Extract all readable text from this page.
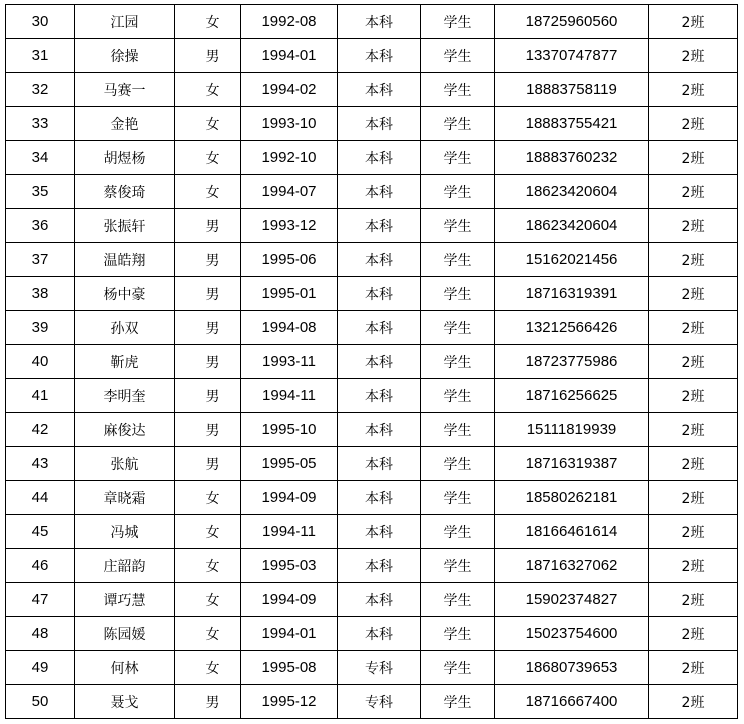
30	江园	女	1992-08	本科	学生	18725960560	2班
31	徐操	男	1994-01	本科	学生	13370747877	2班
32	马赛一	女	1994-02	本科	学生	18883758119	2班
33	金艳	女	1993-10	本科	学生	18883755421	2班
34	胡煜杨	女	1992-10	本科	学生	18883760232	2班
35	蔡俊琦	女	1994-07	本科	学生	18623420604	2班
36	张振轩	男	1993-12	本科	学生	18623420604	2班
37	温皓翔	男	1995-06	本科	学生	15162021456	2班
38	杨中豪	男	1995-01	本科	学生	18716319391	2班
39	孙双	男	1994-08	本科	学生	13212566426	2班
40	靳虎	男	1993-11	本科	学生	18723775986	2班
41	李明奎	男	1994-11	本科	学生	18716256625	2班
42	麻俊达	男	1995-10	本科	学生	15111819939	2班
43	张航	男	1995-05	本科	学生	18716319387	2班
44	章晓霜	女	1994-09	本科	学生	18580262181	2班
45	冯城	女	1994-11	本科	学生	18166461614	2班
46	庄韶韵	女	1995-03	本科	学生	18716327062	2班
47	谭巧慧	女	1994-09	本科	学生	15902374827	2班
48	陈园媛	女	1994-01	本科	学生	15023754600	2班
49	何林	女	1995-08	专科	学生	18680739653	2班
50	聂戈	男	1995-12	专科	学生	18716667400	2班
